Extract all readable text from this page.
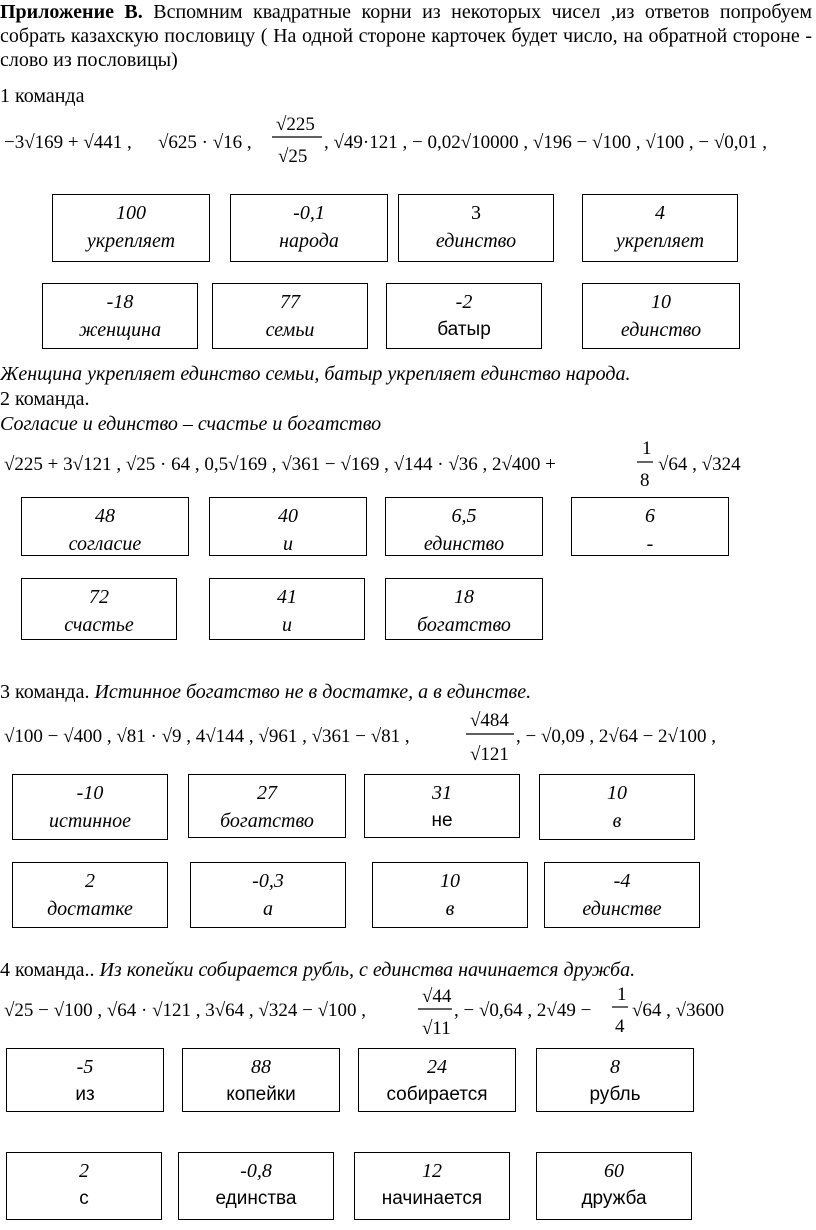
Приложение В. Вспомним квадратные корни из некоторых чисел ,из ответов попробуем собрать казахскую пословицу ( На одной стороне карточек будет число, на обратной стороне - слово из пословицы)
1 команда
−3√169 + √441 , √625 · √16 ,
√225
√25
, √49·121 , − 0,02√10000 , √196 − √100 , √100 , − √0,01 ,
100
укрепляет
-0,1
народа
3
единство
4
укрепляет
-18
женщина
77
семьи
-2
батыр
10
единство
Женщина укрепляет единство семьи, батыр укрепляет единство народа.
2 команда.
Согласие и единство – счастье и богатство
√225 + 3√121 , √25 · 64 , 0,5√169 , √361 − √169 , √144 · √36 , 2√400 +
1
8
√64 , √324
48
согласие
40
и
6,5
единство
6
-
72
счастье
41
и
18
богатство
3 команда. Истинное богатство не в достатке, а в единстве.
√100 − √400 , √81 · √9 , 4√144 , √961 , √361 − √81 ,
√484
√121
, − √0,09 , 2√64 − 2√100 ,
-10
истинное
27
богатство
31
не
10
в
2
достатке
-0,3
а
10
в
-4
единстве
4 команда.. Из копейки собирается рубль, с единства начинается дружба.
√25 − √100 , √64 · √121 , 3√64 , √324 − √100 ,
√44
√11
, − √0,64 , 2√49 −
1
4
√64 , √3600
-5
из
88
копейки
24
собирается
8
рубль
2
с
-0,8
единства
12
начинается
60
дружба
